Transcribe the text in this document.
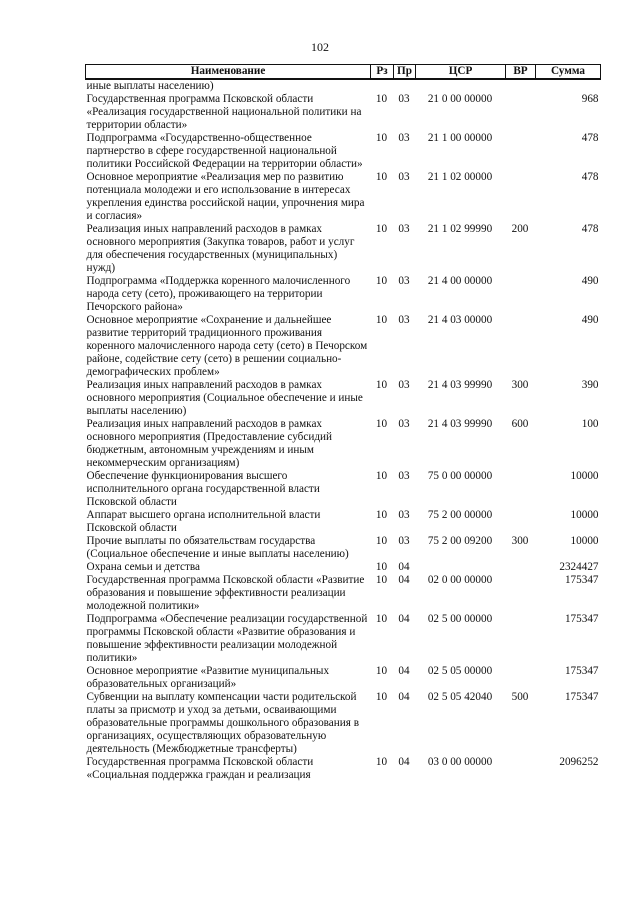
102
Наименование	Рз	Пр	ЦСР	ВР	Сумма
иные выплаты населению)					
Государственная программа Псковской области «Реализация государственной национальной политики на территории области»	10	03	21 0 00 00000		968
Подпрограмма «Государственно-общественное партнерство в сфере государственной национальной политики Российской Федерации на территории области»	10	03	21 1 00 00000		478
Основное мероприятие «Реализация мер по развитию потенциала молодежи и его использование в интересах укрепления единства российской нации, упрочнения мира и согласия»	10	03	21 1 02 00000		478
Реализация иных направлений расходов в рамках основного мероприятия (Закупка товаров, работ и услуг для обеспечения государственных (муниципальных) нужд)	10	03	21 1 02 99990	200	478
Подпрограмма «Поддержка коренного малочисленного народа сету (сето), проживающего на территории Печорского района»	10	03	21 4 00 00000		490
Основное мероприятие «Сохранение и дальнейшее развитие территорий традиционного проживания коренного малочисленного народа сету (сето) в Печорском районе, содействие сету (сето) в решении социально-демографических проблем»	10	03	21 4 03 00000		490
Реализация иных направлений расходов в рамках основного мероприятия (Социальное обеспечение и иные выплаты населению)	10	03	21 4 03 99990	300	390
Реализация иных направлений расходов в рамках основного мероприятия (Предоставление субсидий бюджетным, автономным учреждениям и иным некоммерческим организациям)	10	03	21 4 03 99990	600	100
Обеспечение функционирования высшего исполнительного органа государственной власти Псковской области	10	03	75 0 00 00000		10000
Аппарат высшего органа исполнительной власти Псковской области	10	03	75 2 00 00000		10000
Прочие выплаты по обязательствам государства (Социальное обеспечение и иные выплаты населению)	10	03	75 2 00 09200	300	10000
Охрана семьи и детства	10	04			2324427
Государственная программа Псковской области «Развитие образования и повышение эффективности реализации молодежной политики»	10	04	02 0 00 00000		175347
Подпрограмма «Обеспечение реализации государственной программы Псковской области «Развитие образования и повышение эффективности реализации молодежной политики»	10	04	02 5 00 00000		175347
Основное мероприятие «Развитие муниципальных образовательных организаций»	10	04	02 5 05 00000		175347
Субвенции на выплату компенсации части родительской платы за присмотр и уход за детьми, осваивающими образовательные программы дошкольного образования в организациях, осуществляющих образовательную деятельность (Межбюджетные трансферты)	10	04	02 5 05 42040	500	175347
Государственная программа Псковской области «Социальная поддержка граждан и реализация	10	04	03 0 00 00000		2096252
